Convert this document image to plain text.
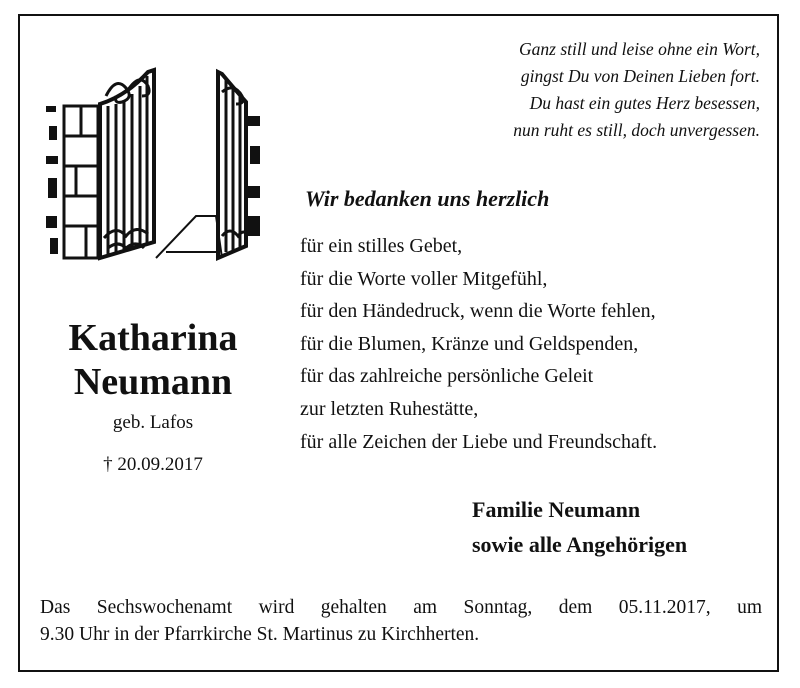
Ganz still und leise ohne ein Wort,
gingst Du von Deinen Lieben fort.
Du hast ein gutes Herz besessen,
nun ruht es still, doch unvergessen.
Wir bedanken uns herzlich
für ein stilles Gebet,
für die Worte voller Mitgefühl,
für den Händedruck, wenn die Worte fehlen,
für die Blumen, Kränze und Geldspenden,
für das zahlreiche persönliche Geleit
zur letzten Ruhestätte,
für alle Zeichen der Liebe und Freundschaft.
Katharina
Neumann
geb. Lafos
† 20.09.2017
Familie Neumann
sowie alle Angehörigen
Das Sechswochenamt wird gehalten am Sonntag, dem 05.11.2017, um
9.30 Uhr in der Pfarrkirche St. Martinus zu Kirchherten.
